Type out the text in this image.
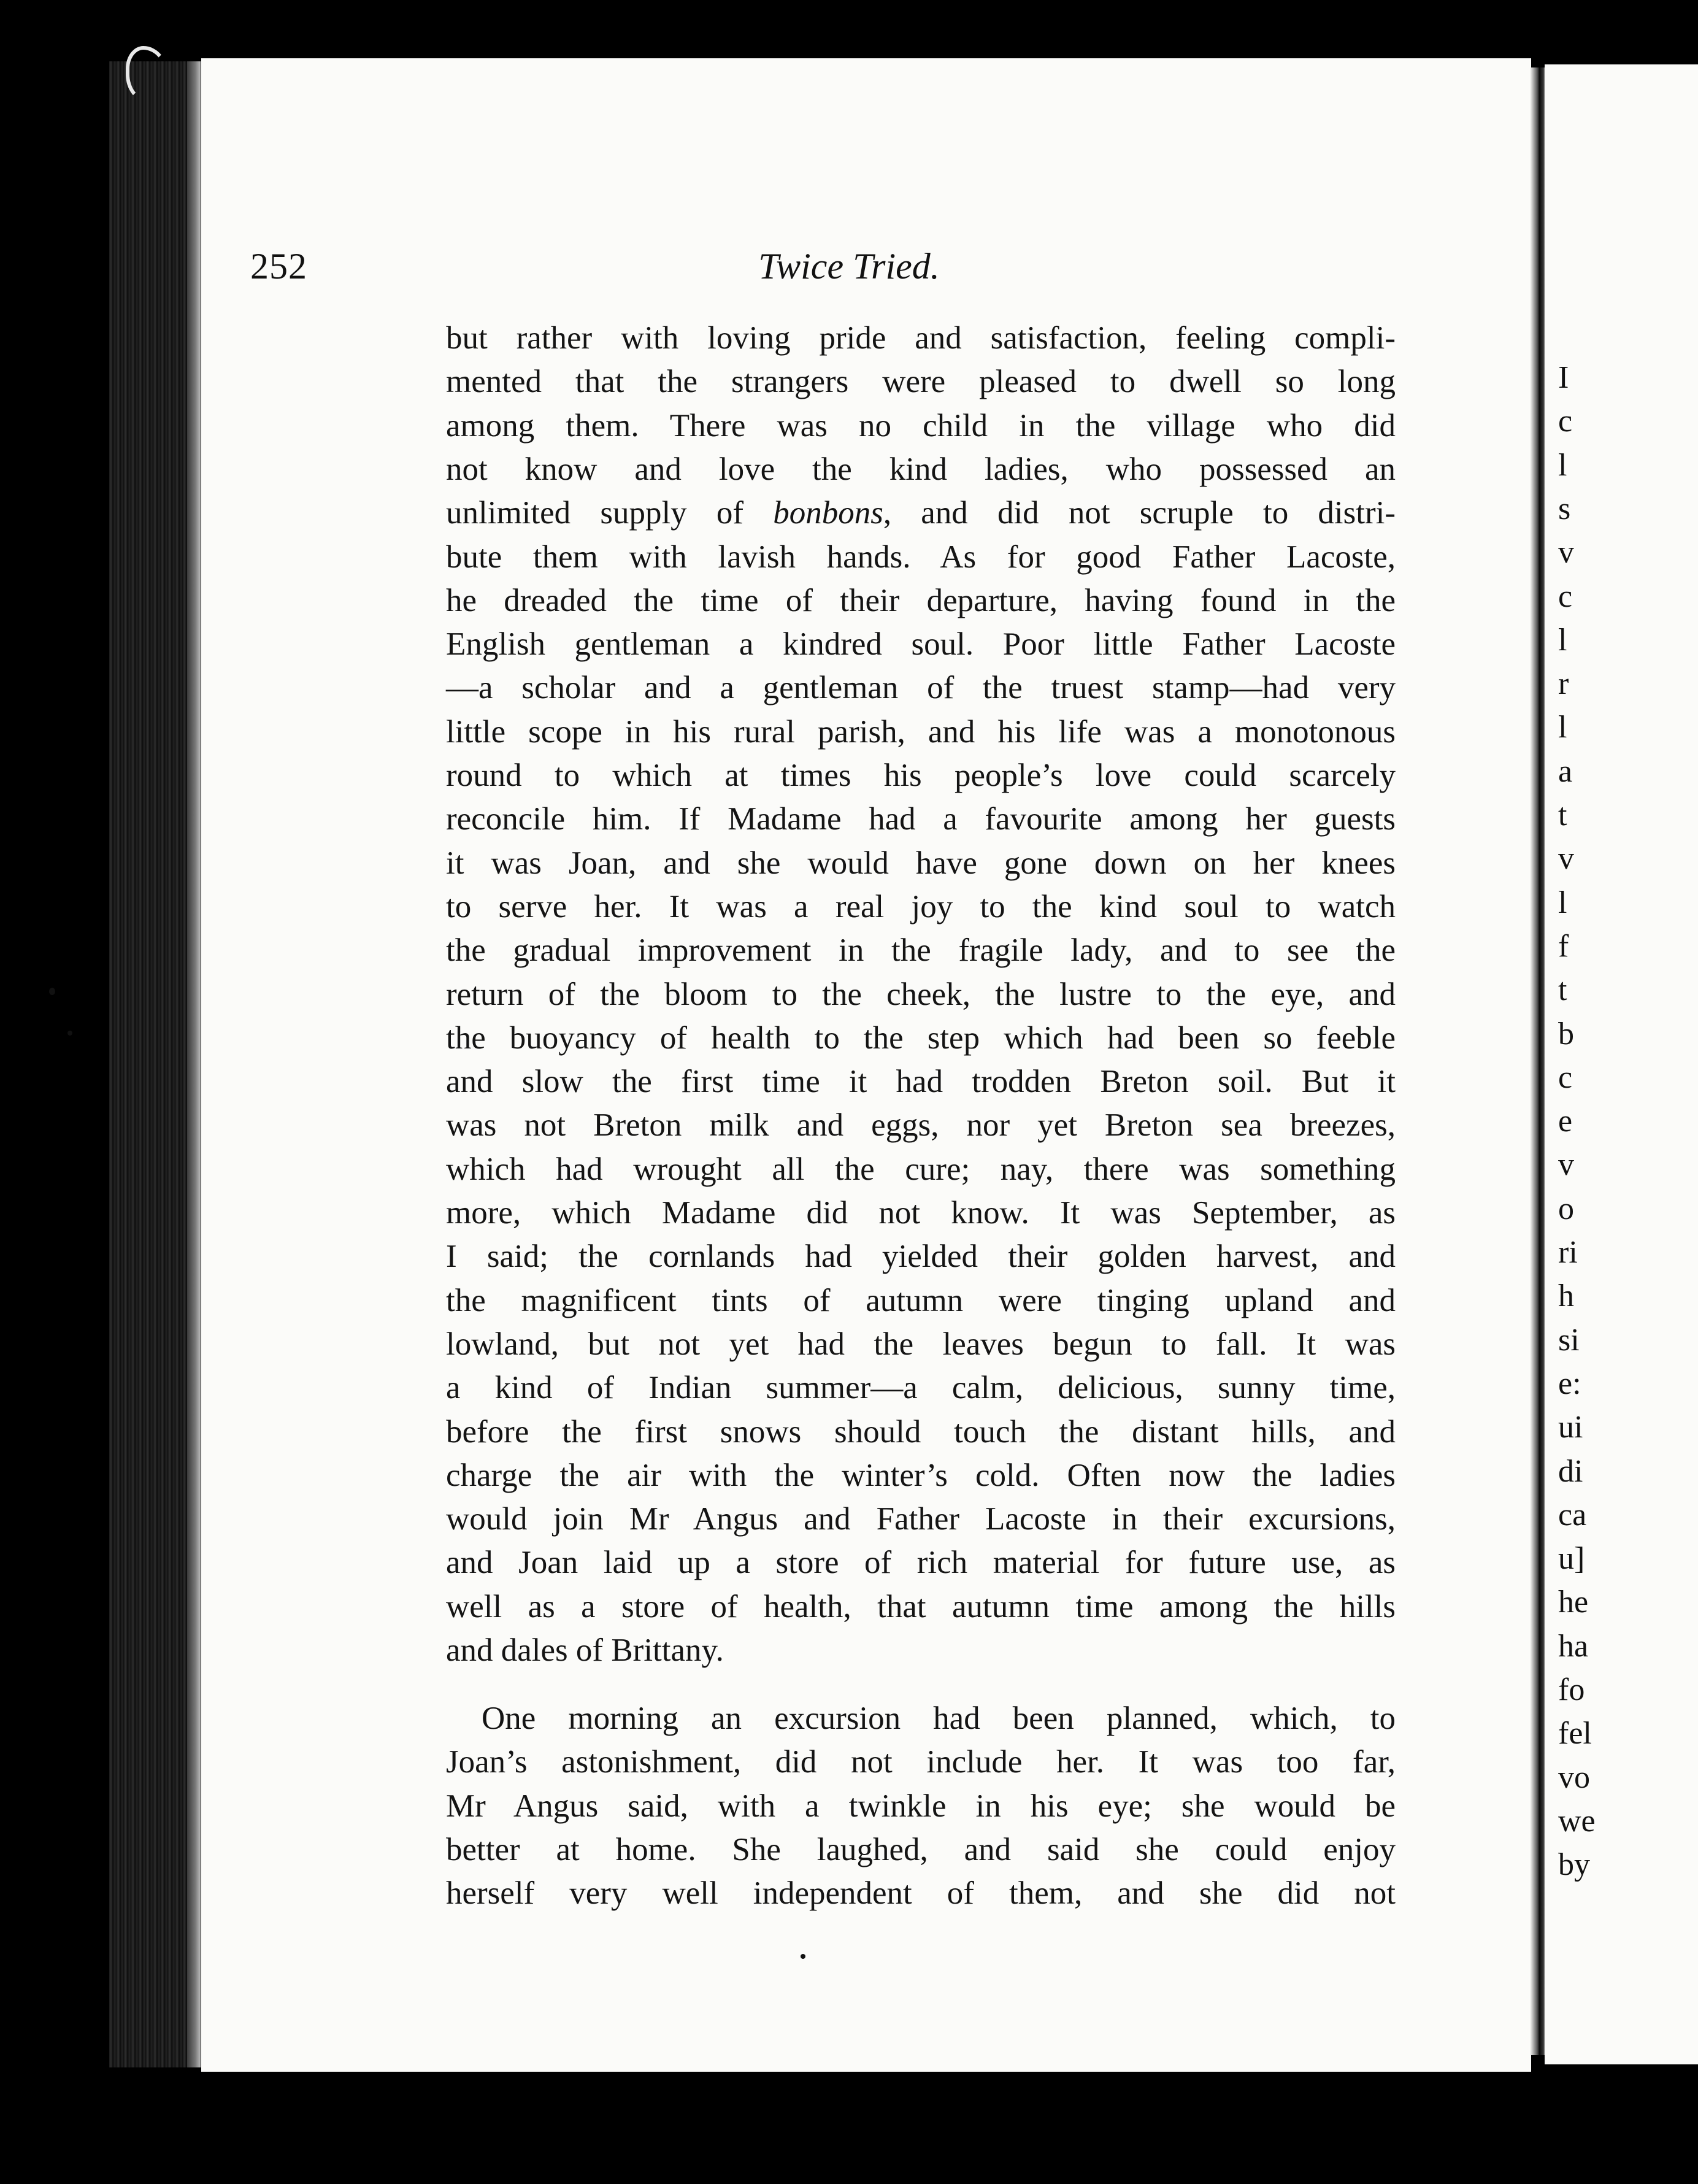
252	Twice Tried.
but rather with loving pride and satisfaction, feeling compli-
mented that the strangers were pleased to dwell so long
among them. There was no child in the village who did
not know and love the kind ladies, who possessed an
unlimited supply of bonbons, and did not scruple to distri-
bute them with lavish hands. As for good Father Lacoste,
he dreaded the time of their departure, having found in the
English gentleman a kindred soul. Poor little Father Lacoste
—a scholar and a gentleman of the truest stamp—had very
little scope in his rural parish, and his life was a monotonous
round to which at times his people’s love could scarcely
reconcile him. If Madame had a favourite among her guests
it was Joan, and she would have gone down on her knees
to serve her. It was a real joy to the kind soul to watch
the gradual improvement in the fragile lady, and to see the
return of the bloom to the cheek, the lustre to the eye, and
the buoyancy of health to the step which had been so feeble
and slow the first time it had trodden Breton soil. But it
was not Breton milk and eggs, nor yet Breton sea breezes,
which had wrought all the cure; nay, there was something
more, which Madame did not know. It was September, as
I said; the cornlands had yielded their golden harvest, and
the magnificent tints of autumn were tinging upland and
lowland, but not yet had the leaves begun to fall. It was
a kind of Indian summer—a calm, delicious, sunny time,
before the first snows should touch the distant hills, and
charge the air with the winter’s cold. Often now the ladies
would join Mr Angus and Father Lacoste in their excursions,
and Joan laid up a store of rich material for future use, as
well as a store of health, that autumn time among the hills
and dales of Brittany.
One morning an excursion had been planned, which, to
Joan’s astonishment, did not include her. It was too far,
Mr Angus said, with a twinkle in his eye; she would be
better at home. She laughed, and said she could enjoy
herself very well independent of them, and she did not
I
c
l
s
v
c
l
r
l
a
t
v
l
f
t
b
c
e
v
o
ri
h
si
e:
ui
di
ca
u]
he
ha
fo
fel
vo
we
by
